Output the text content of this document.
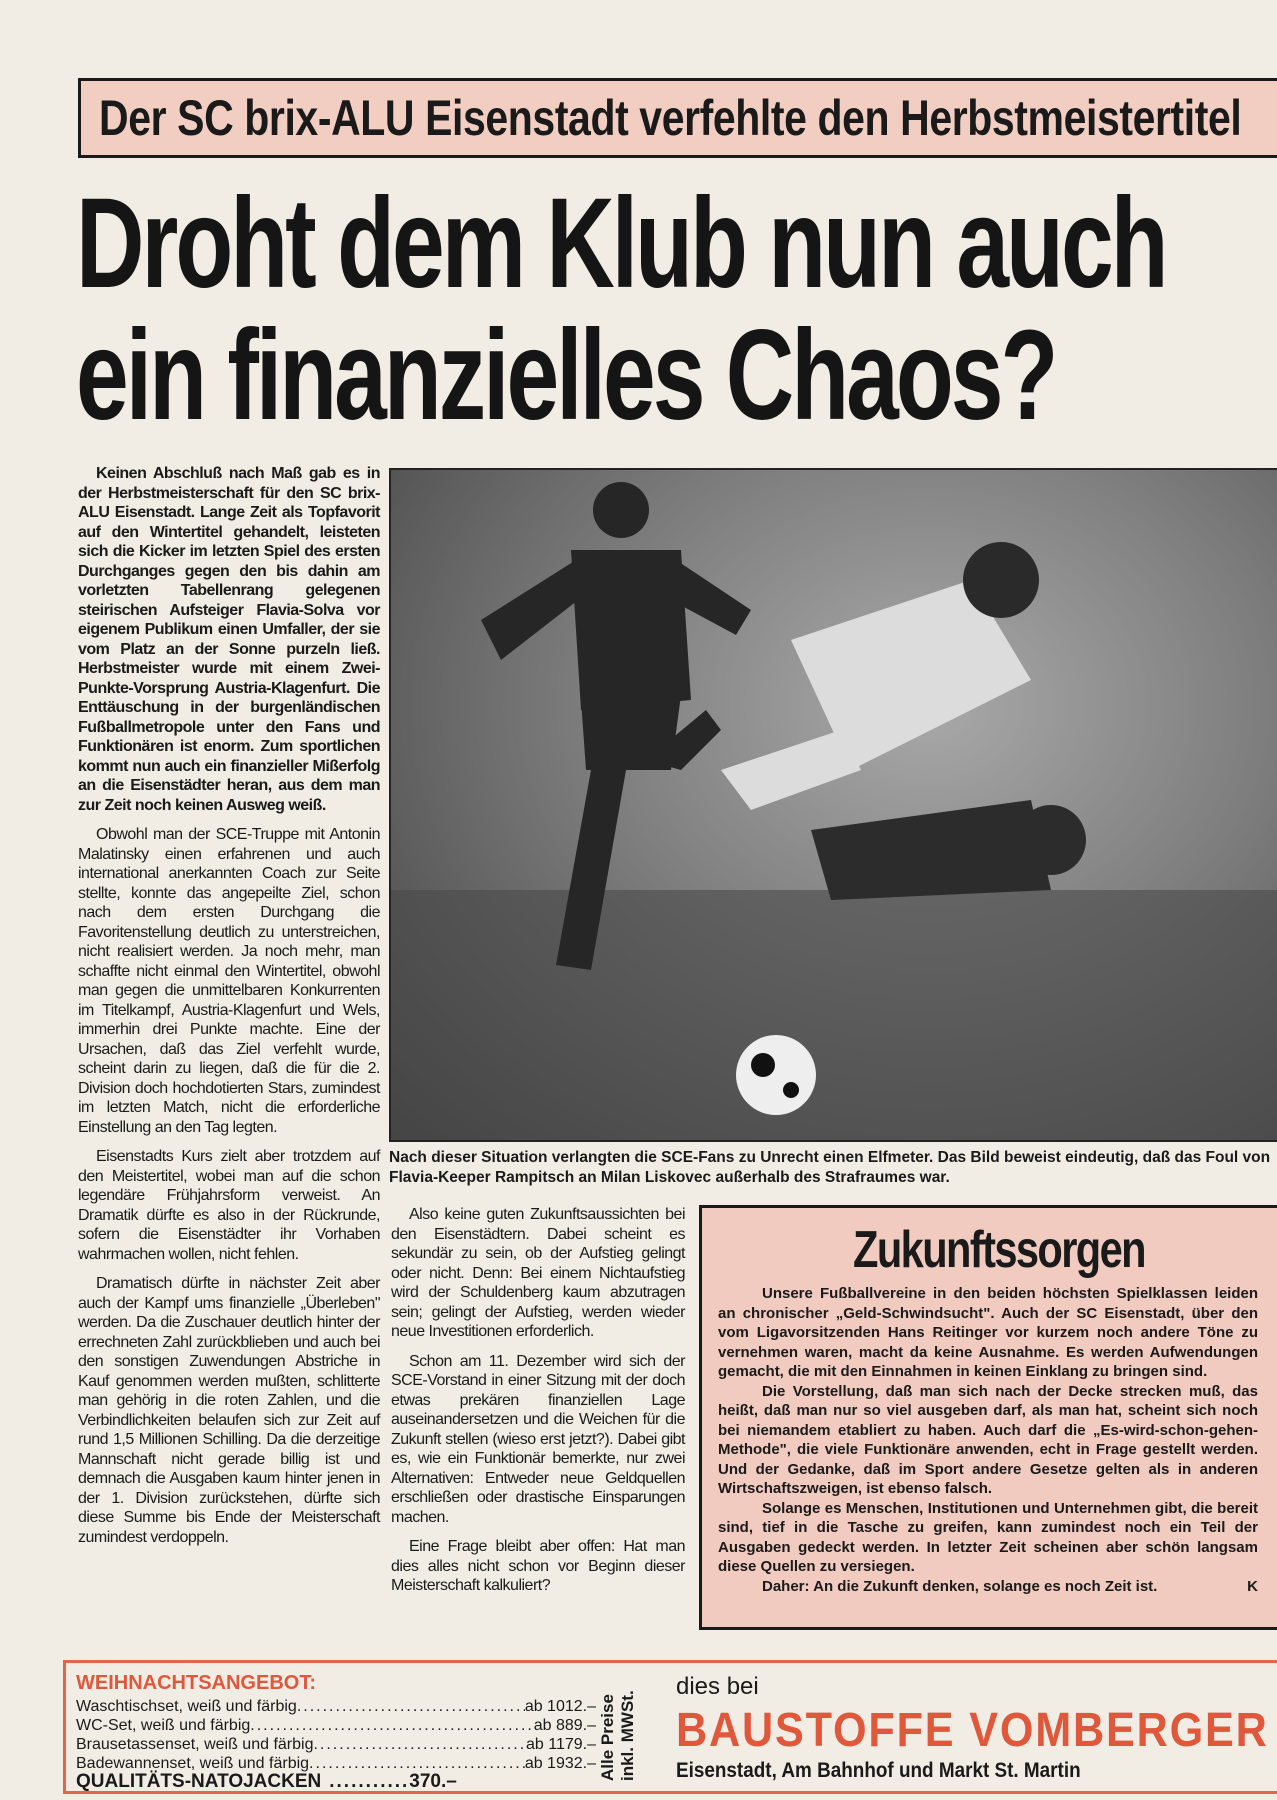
Der SC brix-ALU Eisenstadt verfehlte den Herbstmeistertitel
Droht dem Klub nun auch
ein finanzielles Chaos?

Keinen Abschluß nach Maß gab es in der Herbstmeisterschaft für den SC brix-ALU Eisenstadt. Lange Zeit als Topfavorit auf den Wintertitel gehandelt, leisteten sich die Kicker im letzten Spiel des ersten Durchganges gegen den bis dahin am vorletzten Tabellenrang gelegenen steirischen Aufsteiger Flavia-Solva vor eigenem Publikum einen Umfaller, der sie vom Platz an der Sonne purzeln ließ. Herbstmeister wurde mit einem Zwei-Punkte-Vorsprung Austria-Klagenfurt. Die Enttäuschung in der burgenländischen Fußballmetropole unter den Fans und Funktionären ist enorm. Zum sportlichen kommt nun auch ein finanzieller Mißerfolg an die Eisenstädter heran, aus dem man zur Zeit noch keinen Ausweg weiß.

Obwohl man der SCE-Truppe mit Antonin Malatinsky einen erfahrenen und auch international anerkannten Coach zur Seite stellte, konnte das angepeilte Ziel, schon nach dem ersten Durchgang die Favoritenstellung deutlich zu unterstreichen, nicht realisiert werden. Ja noch mehr, man schaffte nicht einmal den Wintertitel, obwohl man gegen die unmittelbaren Konkurrenten im Titelkampf, Austria-Klagenfurt und Wels, immerhin drei Punkte machte. Eine der Ursachen, daß das Ziel verfehlt wurde, scheint darin zu liegen, daß die für die 2. Division doch hochdotierten Stars, zumindest im letzten Match, nicht die erforderliche Einstellung an den Tag legten.

Eisenstadts Kurs zielt aber trotzdem auf den Meistertitel, wobei man auf die schon legendäre Frühjahrsform verweist. An Dramatik dürfte es also in der Rückrunde, sofern die Eisenstädter ihr Vorhaben wahrmachen wollen, nicht fehlen.

Dramatisch dürfte in nächster Zeit aber auch der Kampf ums finanzielle „Überleben" werden. Da die Zuschauer deutlich hinter der errechneten Zahl zurückblieben und auch bei den sonstigen Zuwendungen Abstriche in Kauf genommen werden mußten, schlitterte man gehörig in die roten Zahlen, und die Verbindlichkeiten belaufen sich zur Zeit auf rund 1,5 Millionen Schilling. Da die derzeitige Mannschaft nicht gerade billig ist und demnach die Ausgaben kaum hinter jenen in der 1. Division zurückstehen, dürfte sich diese Summe bis Ende der Meisterschaft zumindest verdoppeln.

Nach dieser Situation verlangten die SCE-Fans zu Unrecht einen Elfmeter. Das Bild beweist eindeutig, daß das Foul von Flavia-Keeper Rampitsch an Milan Liskovec außerhalb des Strafraumes war.

Also keine guten Zukunftsaussichten bei den Eisenstädtern. Dabei scheint es sekundär zu sein, ob der Aufstieg gelingt oder nicht. Denn: Bei einem Nichtaufstieg wird der Schuldenberg kaum abzutragen sein; gelingt der Aufstieg, werden wieder neue Investitionen erforderlich.

Schon am 11. Dezember wird sich der SCE-Vorstand in einer Sitzung mit der doch etwas prekären finanziellen Lage auseinandersetzen und die Weichen für die Zukunft stellen (wieso erst jetzt?). Dabei gibt es, wie ein Funktionär bemerkte, nur zwei Alternativen: Entweder neue Geldquellen erschließen oder drastische Einsparungen machen.

Eine Frage bleibt aber offen: Hat man dies alles nicht schon vor Beginn dieser Meisterschaft kalkuliert?

Zukunftssorgen

Unsere Fußballvereine in den beiden höchsten Spielklassen leiden an chronischer „Geld-Schwindsucht". Auch der SC Eisenstadt, über den vom Ligavorsitzenden Hans Reitinger vor kurzem noch andere Töne zu vernehmen waren, macht da keine Ausnahme. Es werden Aufwendungen gemacht, die mit den Einnahmen in keinen Einklang zu bringen sind.

Die Vorstellung, daß man sich nach der Decke strecken muß, das heißt, daß man nur so viel ausgeben darf, als man hat, scheint sich noch bei niemandem etabliert zu haben. Auch darf die „Es-wird-schon-gehen-Methode", die viele Funktionäre anwenden, echt in Frage gestellt werden. Und der Gedanke, daß im Sport andere Gesetze gelten als in anderen Wirtschaftszweigen, ist ebenso falsch.

Solange es Menschen, Institutionen und Unternehmen gibt, die bereit sind, tief in die Tasche zu greifen, kann zumindest noch ein Teil der Ausgaben gedeckt werden. In letzter Zeit scheinen aber schön langsam diese Quellen zu versiegen.

Daher: An die Zukunft denken, solange es noch Zeit ist.	K

WEIHNACHTSANGEBOT:
Waschtischset, weiß und färbig .....	ab 1012.–
WC-Set, weiß und färbig .....	ab 889.–
Brausetassenset, weiß und färbig .....	ab 1179.–
Badewannenset, weiß und färbig .....	ab 1932.–
QUALITÄTS-NATOJACKEN .....	370.–
Alle Preise inkl. MWSt.
dies bei
BAUSTOFFE VOMBERGER
Eisenstadt, Am Bahnhof und Markt St. Martin
